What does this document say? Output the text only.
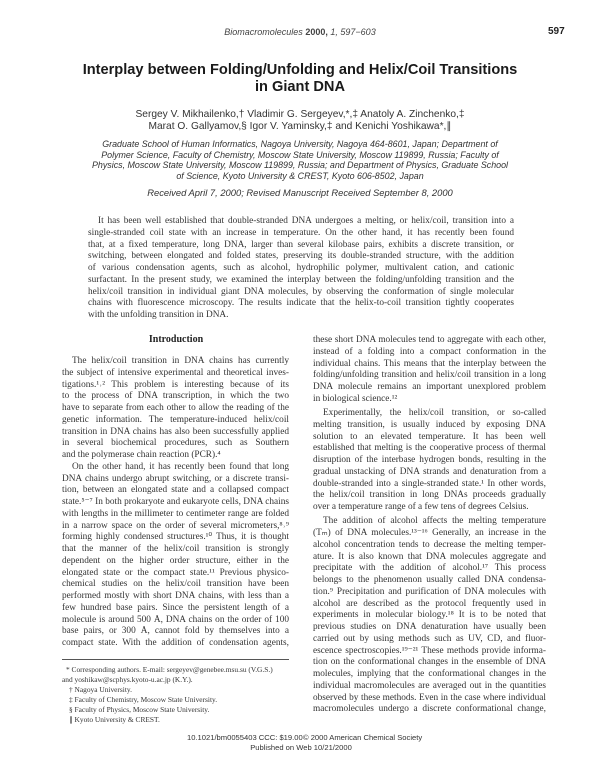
Biomacromolecules 2000, 1, 597−603	597
Interplay between Folding/Unfolding and Helix/Coil Transitions
in Giant DNA
Sergey V. Mikhailenko,† Vladimir G. Sergeyev,*,‡ Anatoly A. Zinchenko,‡
Marat O. Gallyamov,§ Igor V. Yaminsky,‡ and Kenichi Yoshikawa*,∥
Graduate School of Human Informatics, Nagoya University, Nagoya 464-8601, Japan; Department of
Polymer Science, Faculty of Chemistry, Moscow State University, Moscow 119899, Russia; Faculty of
Physics, Moscow State University, Moscow 119899, Russia; and Department of Physics, Graduate School
of Science, Kyoto University & CREST, Kyoto 606-8502, Japan
Received April 7, 2000; Revised Manuscript Received September 8, 2000
It has been well established that double-stranded DNA undergoes a melting, or helix/coil, transition into a
single-stranded coil state with an increase in temperature. On the other hand, it has recently been found
that, at a fixed temperature, long DNA, larger than several kilobase pairs, exhibits a discrete transition, or
switching, between elongated and folded states, preserving its double-stranded structure, with the addition
of various condensation agents, such as alcohol, hydrophilic polymer, multivalent cation, and cationic
surfactant. In the present study, we examined the interplay between the folding/unfolding transition and the
helix/coil transition in individual giant DNA molecules, by observing the conformation of single molecular
chains with fluorescence microscopy. The results indicate that the helix-to-coil transition tightly cooperates
with the unfolding transition in DNA.
Introduction
The helix/coil transition in DNA chains has currently
the subject of intensive experimental and theoretical inves-
tigations.¹˒² This problem is interesting because of its
to the process of DNA transcription, in which the two
have to separate from each other to allow the reading of the
genetic information. The temperature-induced helix/coil
transition in DNA chains has also been successfully applied
in several biochemical procedures, such as Southern
and the polymerase chain reaction (PCR).⁴
On the other hand, it has recently been found that long
DNA chains undergo abrupt switching, or a discrete transi-
tion, between an elongated state and a collapsed compact
state.⁵⁻⁷ In both prokaryote and eukaryote cells, DNA chains
with lengths in the millimeter to centimeter range are folded
in a narrow space on the order of several micrometers,⁸˒⁹
forming highly condensed structures.¹⁰ Thus, it is thought
that the manner of the helix/coil transition is strongly
dependent on the higher order structure, either in the
elongated state or the compact state.¹¹ Previous physico-
chemical studies on the helix/coil transition have been
performed mostly with short DNA chains, with less than a
few hundred base pairs. Since the persistent length of a
molecule is around 500 Å, DNA chains on the order of 100
base pairs, or 300 Å, cannot fold by themselves into a
compact state. With the addition of condensation agents,
these short DNA molecules tend to aggregate with each other,
instead of a folding into a compact conformation in the
individual chains. This means that the interplay between the
folding/unfolding transition and helix/coil transition in a long
DNA molecule remains an important unexplored problem
in biological science.¹²
Experimentally, the helix/coil transition, or so-called
melting transition, is usually induced by exposing DNA
solution to an elevated temperature. It has been well
established that melting is the cooperative process of thermal
disruption of the interbase hydrogen bonds, resulting in the
gradual unstacking of DNA strands and denaturation from a
double-stranded into a single-stranded state.¹ In other words,
the helix/coil transition in long DNAs proceeds gradually
over a temperature range of a few tens of degrees Celsius.
The addition of alcohol affects the melting temperature
(Tₘ) of DNA molecules.¹³⁻¹⁶ Generally, an increase in the
alcohol concentration tends to decrease the melting temper-
ature. It is also known that DNA molecules aggregate and
precipitate with the addition of alcohol.¹⁷ This process
belongs to the phenomenon usually called DNA condensa-
tion.⁹ Precipitation and purification of DNA molecules with
alcohol are described as the protocol frequently used in
experiments in molecular biology.¹⁸ It is to be noted that
previous studies on DNA denaturation have usually been
carried out by using methods such as UV, CD, and fluor-
escence spectroscopies.¹⁹⁻²¹ These methods provide informa-
tion on the conformational changes in the ensemble of DNA
molecules, implying that the conformational changes in the
individual macromolecules are averaged out in the quantities
observed by these methods. Even in the case where individual
macromolecules undergo a discrete conformational change,
* Corresponding authors. E-mail: sergeyev@genebee.msu.su (V.G.S.)
and yoshikaw@scphys.kyoto-u.ac.jp (K.Y.).
† Nagoya University.
‡ Faculty of Chemistry, Moscow State University.
§ Faculty of Physics, Moscow State University.
∥ Kyoto University & CREST.
10.1021/bm0055403 CCC: $19.00 © 2000 American Chemical Society
Published on Web 10/21/2000
